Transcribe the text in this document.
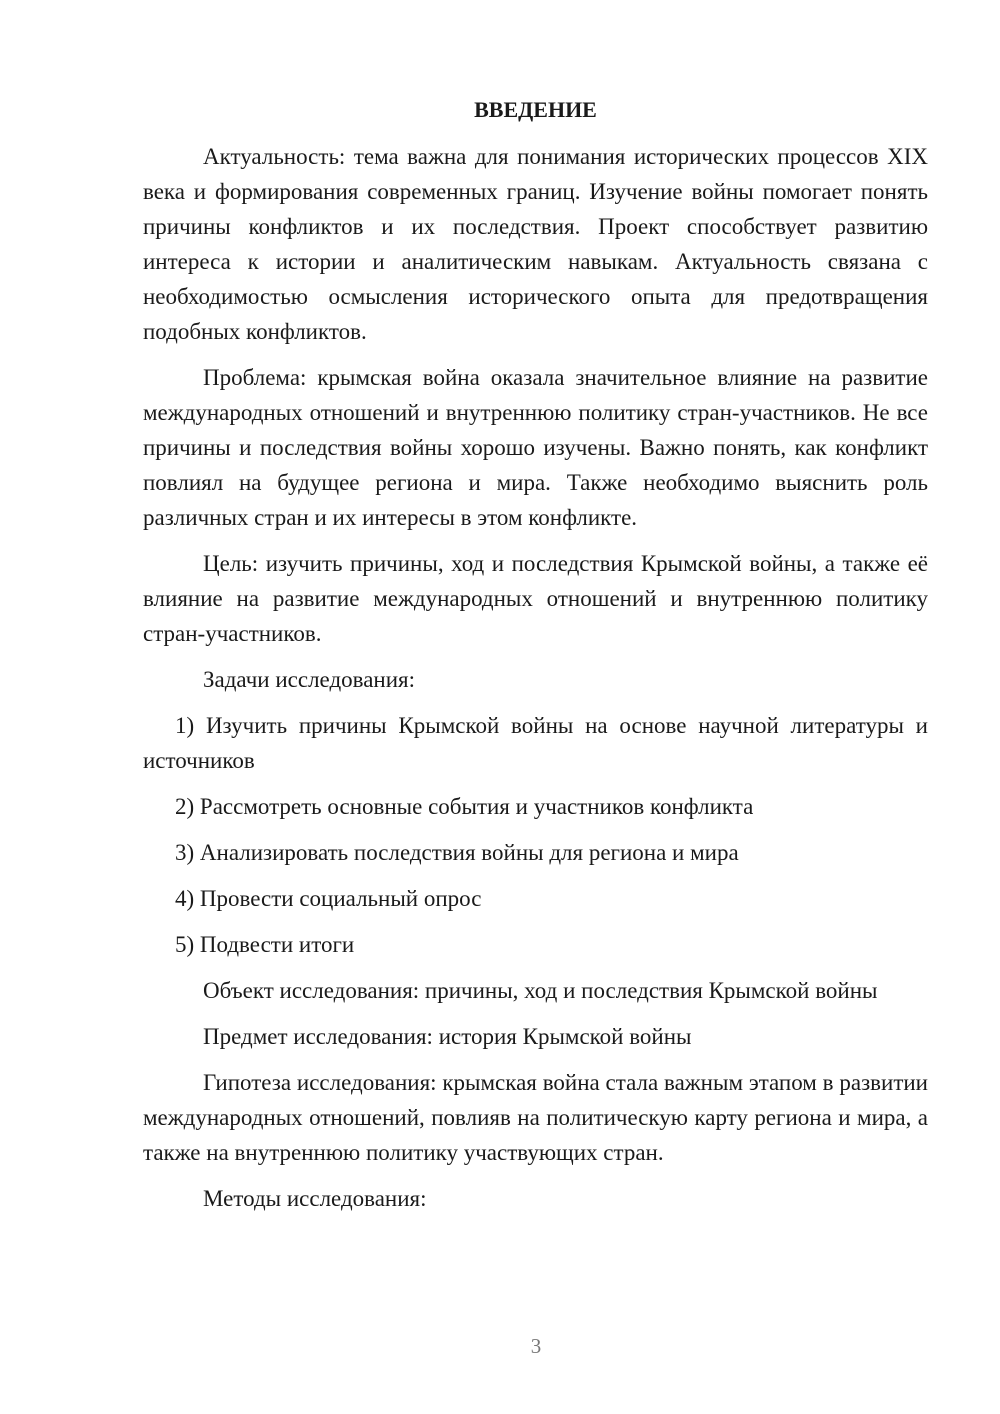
ВВЕДЕНИЕ

Актуальность: тема важна для понимания исторических процессов XIX века и формирования современных границ. Изучение войны помогает понять причины конфликтов и их последствия. Проект способствует развитию интереса к истории и аналитическим навыкам. Актуальность связана с необходимостью осмысления исторического опыта для предотвращения подобных конфликтов.

Проблема: крымская война оказала значительное влияние на развитие международных отношений и внутреннюю политику стран-участников. Не все причины и последствия войны хорошо изучены. Важно понять, как конфликт повлиял на будущее региона и мира. Также необходимо выяснить роль различных стран и их интересы в этом конфликте.

Цель: изучить причины, ход и последствия Крымской войны, а также её влияние на развитие международных отношений и внутреннюю политику стран-участников.

Задачи исследования:

1) Изучить причины Крымской войны на основе научной литературы и источников

2) Рассмотреть основные события и участников конфликта

3) Анализировать последствия войны для региона и мира

4) Провести социальный опрос

5) Подвести итоги

Объект исследования: причины, ход и последствия Крымской войны

Предмет исследования: история Крымской войны

Гипотеза исследования: крымская война стала важным этапом в развитии международных отношений, повлияв на политическую карту региона и мира, а также на внутреннюю политику участвующих стран.

Методы исследования:

3
